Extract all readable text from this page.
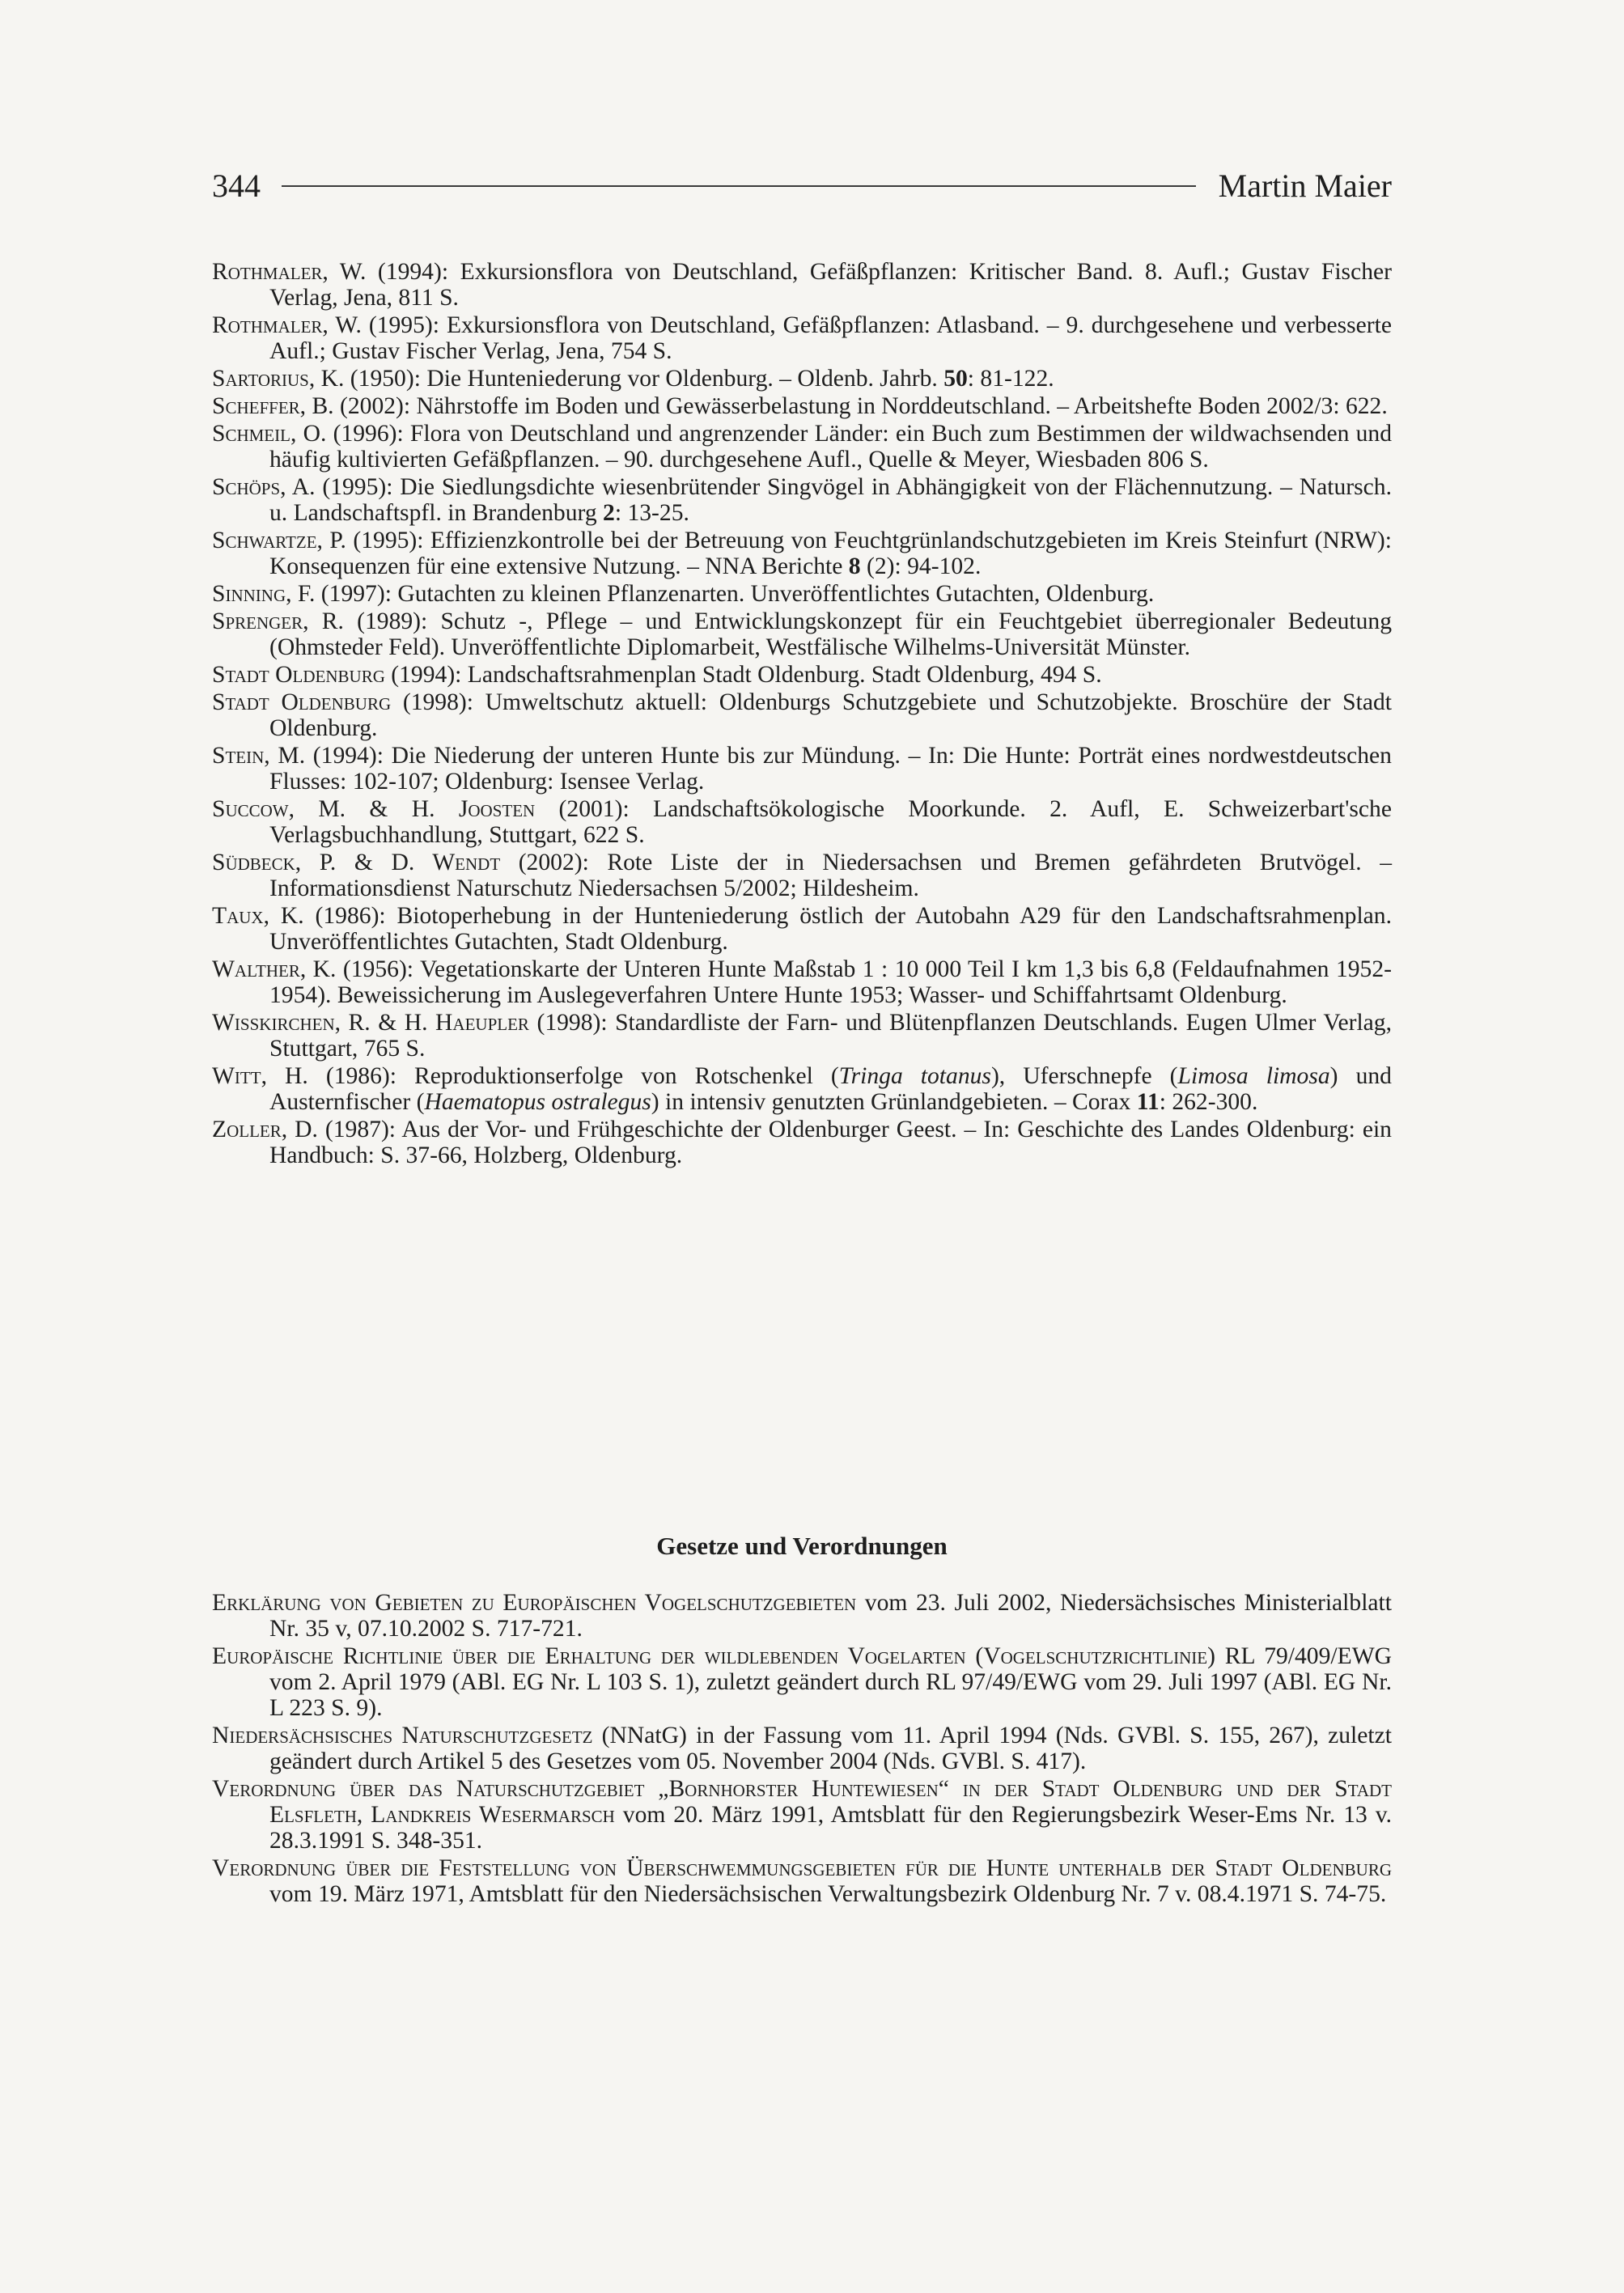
344	Martin Maier

Rothmaler, W. (1994): Exkursionsflora von Deutschland, Gefäßpflanzen: Kritischer Band. 8. Aufl.; Gustav Fischer Verlag, Jena, 811 S.

Rothmaler, W. (1995): Exkursionsflora von Deutschland, Gefäßpflanzen: Atlasband. – 9. durchgesehene und verbesserte Aufl.; Gustav Fischer Verlag, Jena, 754 S.

Sartorius, K. (1950): Die Hunteniederung vor Oldenburg. – Oldenb. Jahrb. 50: 81-122.

Scheffer, B. (2002): Nährstoffe im Boden und Gewässerbelastung in Norddeutschland. – Arbeitshefte Boden 2002/3: 622.

Schmeil, O. (1996): Flora von Deutschland und angrenzender Länder: ein Buch zum Bestimmen der wildwachsenden und häufig kultivierten Gefäßpflanzen. – 90. durchgesehene Aufl., Quelle & Meyer, Wiesbaden 806 S.

Schöps, A. (1995): Die Siedlungsdichte wiesenbrütender Singvögel in Abhängigkeit von der Flächennutzung. – Natursch. u. Landschaftspfl. in Brandenburg 2: 13-25.

Schwartze, P. (1995): Effizienzkontrolle bei der Betreuung von Feuchtgrünlandschutzgebieten im Kreis Steinfurt (NRW): Konsequenzen für eine extensive Nutzung. – NNA Berichte 8 (2): 94-102.

Sinning, F. (1997): Gutachten zu kleinen Pflanzenarten. Unveröffentlichtes Gutachten, Oldenburg.

Sprenger, R. (1989): Schutz -, Pflege – und Entwicklungskonzept für ein Feuchtgebiet überregionaler Bedeutung (Ohmsteder Feld). Unveröffentlichte Diplomarbeit, Westfälische Wilhelms-Universität Münster.

Stadt Oldenburg (1994): Landschaftsrahmenplan Stadt Oldenburg. Stadt Oldenburg, 494 S.

Stadt Oldenburg (1998): Umweltschutz aktuell: Oldenburgs Schutzgebiete und Schutzobjekte. Broschüre der Stadt Oldenburg.

Stein, M. (1994): Die Niederung der unteren Hunte bis zur Mündung. – In: Die Hunte: Porträt eines nordwestdeutschen Flusses: 102-107; Oldenburg: Isensee Verlag.

Succow, M. & H. Joosten (2001): Landschaftsökologische Moorkunde. 2. Aufl, E. Schweizerbart'sche Verlagsbuchhandlung, Stuttgart, 622 S.

Südbeck, P. & D. Wendt (2002): Rote Liste der in Niedersachsen und Bremen gefährdeten Brutvögel. – Informationsdienst Naturschutz Niedersachsen 5/2002; Hildesheim.

Taux, K. (1986): Biotoperhebung in der Hunteniederung östlich der Autobahn A29 für den Landschaftsrahmenplan. Unveröffentlichtes Gutachten, Stadt Oldenburg.

Walther, K. (1956): Vegetationskarte der Unteren Hunte Maßstab 1 : 10 000 Teil I km 1,3 bis 6,8 (Feldaufnahmen 1952-1954). Beweissicherung im Auslegeverfahren Untere Hunte 1953; Wasser- und Schiffahrtsamt Oldenburg.

Wisskirchen, R. & H. Haeupler (1998): Standardliste der Farn- und Blütenpflanzen Deutschlands. Eugen Ulmer Verlag, Stuttgart, 765 S.

Witt, H. (1986): Reproduktionserfolge von Rotschenkel (Tringa totanus), Uferschnepfe (Limosa limosa) und Austernfischer (Haematopus ostralegus) in intensiv genutzten Grünlandgebieten. – Corax 11: 262-300.

Zoller, D. (1987): Aus der Vor- und Frühgeschichte der Oldenburger Geest. – In: Geschichte des Landes Oldenburg: ein Handbuch: S. 37-66, Holzberg, Oldenburg.

Gesetze und Verordnungen

Erklärung von Gebieten zu Europäischen Vogelschutzgebieten vom 23. Juli 2002, Niedersächsisches Ministerialblatt Nr. 35 v, 07.10.2002 S. 717-721.

Europäische Richtlinie über die Erhaltung der wildlebenden Vogelarten (Vogelschutzrichtlinie) RL 79/409/EWG vom 2. April 1979 (ABl. EG Nr. L 103 S. 1), zuletzt geändert durch RL 97/49/EWG vom 29. Juli 1997 (ABl. EG Nr. L 223 S. 9).

Niedersächsisches Naturschutzgesetz (NNatG) in der Fassung vom 11. April 1994 (Nds. GVBl. S. 155, 267), zuletzt geändert durch Artikel 5 des Gesetzes vom 05. November 2004 (Nds. GVBl. S. 417).

Verordnung über das Naturschutzgebiet „Bornhorster Huntewiesen“ in der Stadt Oldenburg und der Stadt Elsfleth, Landkreis Wesermarsch vom 20. März 1991, Amtsblatt für den Regierungsbezirk Weser-Ems Nr. 13 v. 28.3.1991 S. 348-351.

Verordnung über die Feststellung von Überschwemmungsgebieten für die Hunte unterhalb der Stadt Oldenburg vom 19. März 1971, Amtsblatt für den Niedersächsischen Verwaltungsbezirk Oldenburg Nr. 7 v. 08.4.1971 S. 74-75.
